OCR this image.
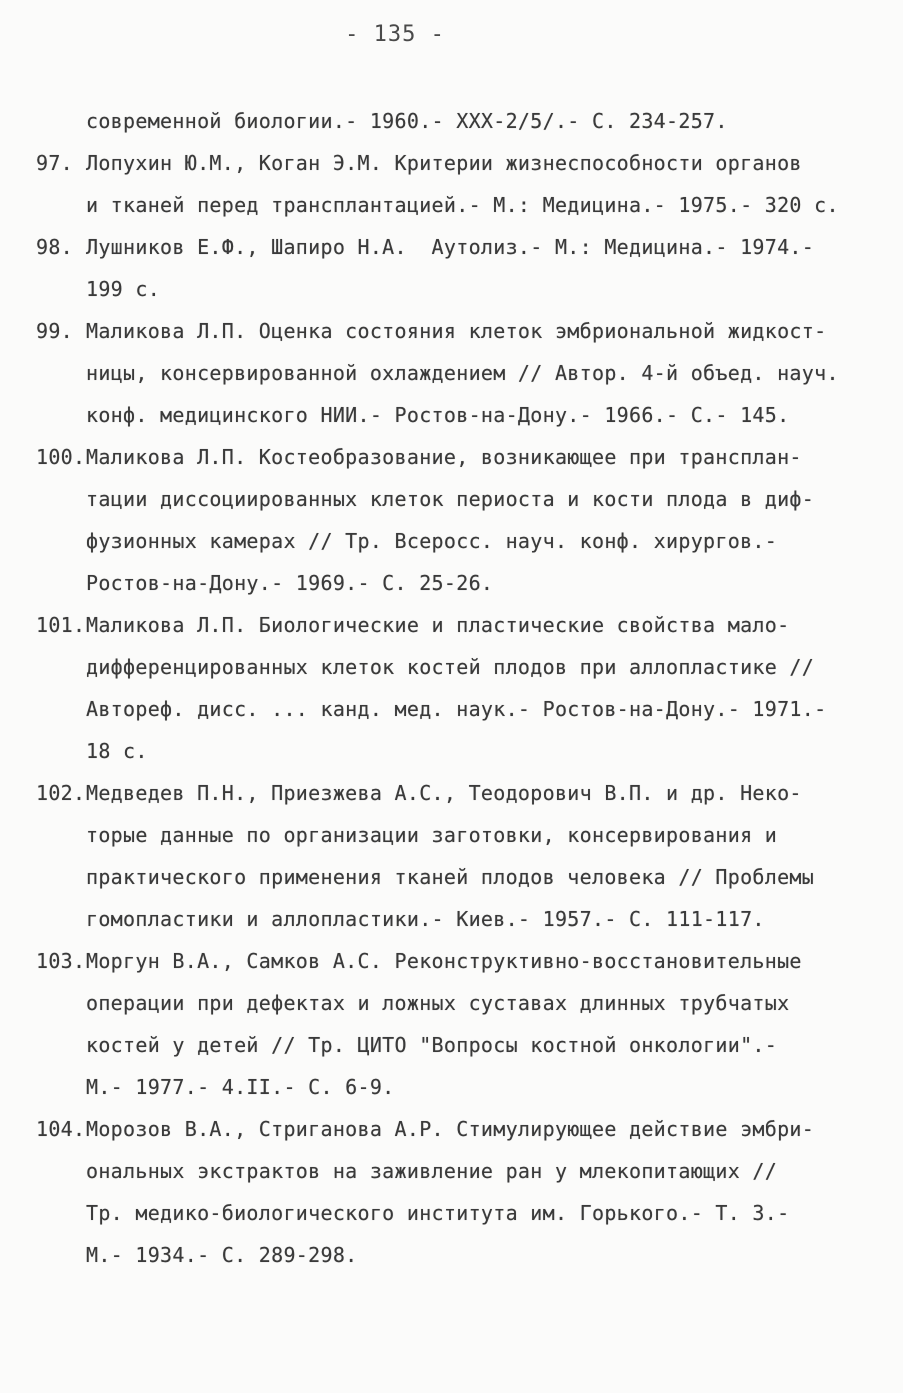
- 135 -
современной биологии.- 1960.- XXX-2/5/.- С. 234-257.
97. Лопухин Ю.М., Коган Э.М. Критерии жизнеспособности органов
и тканей перед трансплантацией.- М.: Медицина.- 1975.- 320 с.
98. Лушников Е.Ф., Шапиро Н.А.  Аутолиз.- М.: Медицина.- 1974.-
199 с.
99. Маликова Л.П. Оценка состояния клеток эмбриональной жидкост-
ницы, консервированной охлаждением // Автор. 4-й объед. науч.
конф. медицинского НИИ.- Ростов-на-Дону.- 1966.- С.- 145.
100.Маликова Л.П. Костеобразование, возникающее при трансплан-
тации диссоциированных клеток периоста и кости плода в диф-
фузионных камерах // Тр. Всеросс. науч. конф. хирургов.-
Ростов-на-Дону.- 1969.- С. 25-26.
101.Маликова Л.П. Биологические и пластические свойства мало-
дифференцированных клеток костей плодов при аллопластике //
Автореф. дисс. ... канд. мед. наук.- Ростов-на-Дону.- 1971.-
18 с.
102.Медведев П.Н., Приезжева А.С., Теодорович В.П. и др. Неко-
торые данные по организации заготовки, консервирования и
практического применения тканей плодов человека // Проблемы
гомопластики и аллопластики.- Киев.- 1957.- С. 111-117.
103.Моргун В.А., Самков А.С. Реконструктивно-восстановительные
операции при дефектах и ложных суставах длинных трубчатых
костей у детей // Тр. ЦИТО "Вопросы костной онкологии".-
М.- 1977.- 4.II.- С. 6-9.
104.Морозов В.А., Стриганова А.Р. Стимулирующее действие эмбри-
ональных экстрактов на заживление ран у млекопитающих //
Тр. медико-биологического института им. Горького.- Т. 3.-
М.- 1934.- С. 289-298.
